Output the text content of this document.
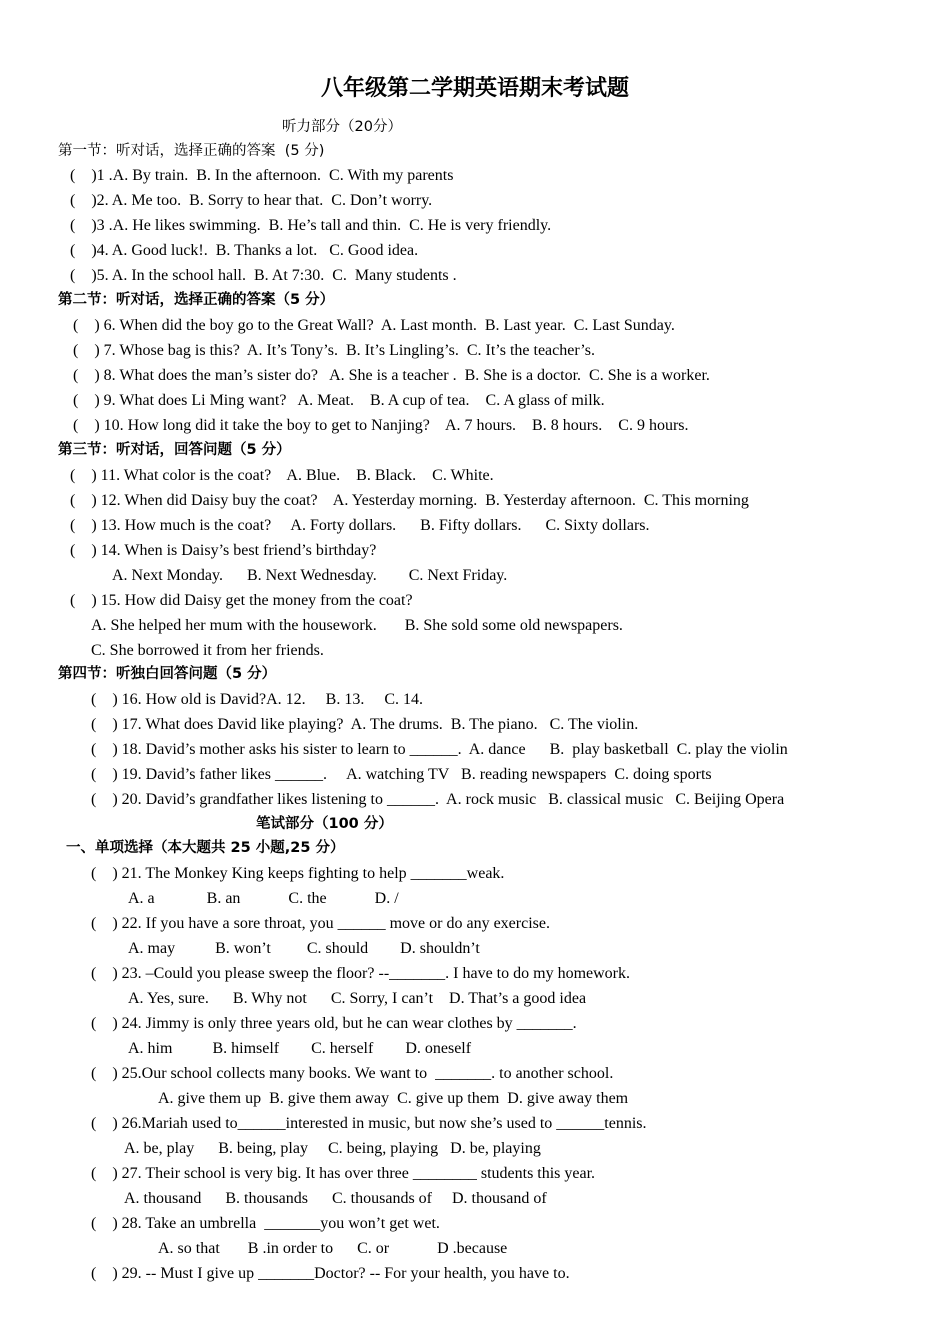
八年级第二学期英语期末考试题
听力部分（20分）
第一节：听对话，选择正确的答案  (5 分)
(    )1 .A. By train.  B. In the afternoon.  C. With my parents
(    )2. A. Me too.  B. Sorry to hear that.  C. Don’t worry.
(    )3 .A. He likes swimming.  B. He’s tall and thin.  C. He is very friendly.
(    )4. A. Good luck!.  B. Thanks a lot.   C. Good idea.
(    )5. A. In the school hall.  B. At 7:30.  C.  Many students .
第二节：听对话，选择正确的答案（5 分）
(    ) 6. When did the boy go to the Great Wall?  A. Last month.  B. Last year.  C. Last Sunday.
(    ) 7. Whose bag is this?  A. It’s Tony’s.  B. It’s Lingling’s.  C. It’s the teacher’s.
(    ) 8. What does the man’s sister do?   A. She is a teacher .  B. She is a doctor.  C. She is a worker.
(    ) 9. What does Li Ming want?   A. Meat.    B. A cup of tea.    C. A glass of milk.
(    ) 10. How long did it take the boy to get to Nanjing?    A. 7 hours.    B. 8 hours.    C. 9 hours.
第三节：听对话，回答问题（5 分）
(    ) 11. What color is the coat?    A. Blue.    B. Black.    C. White.
(    ) 12. When did Daisy buy the coat?    A. Yesterday morning.  B. Yesterday afternoon.  C. This morning
(    ) 13. How much is the coat?     A. Forty dollars.      B. Fifty dollars.      C. Sixty dollars.
(    ) 14. When is Daisy’s best friend’s birthday?
A. Next Monday.      B. Next Wednesday.        C. Next Friday.
(    ) 15. How did Daisy get the money from the coat?
A. She helped her mum with the housework.       B. She sold some old newspapers.
C. She borrowed it from her friends.
第四节：听独白回答问题（5 分）
(    ) 16. How old is David?A. 12.     B. 13.     C. 14.
(    ) 17. What does David like playing?  A. The drums.  B. The piano.   C. The violin.
(    ) 18. David’s mother asks his sister to learn to ______.  A. dance      B.  play basketball  C. play the violin
(    ) 19. David’s father likes ______.     A. watching TV   B. reading newspapers  C. doing sports
(    ) 20. David’s grandfather likes listening to ______.  A. rock music   B. classical music   C. Beijing Opera
笔试部分（100 分）
一、单项选择（本大题共 25 小题,25 分）
(    ) 21. The Monkey King keeps fighting to help _______weak.
A. a             B. an            C. the            D. /
(    ) 22. If you have a sore throat, you ______ move or do any exercise.
A. may          B. won’t         C. should        D. shouldn’t
(    ) 23. –Could you please sweep the floor? --_______. I have to do my homework.
A. Yes, sure.      B. Why not      C. Sorry, I can’t    D. That’s a good idea
(    ) 24. Jimmy is only three years old, but he can wear clothes by _______.
A. him          B. himself        C. herself        D. oneself
(    ) 25.Our school collects many books. We want to  _______. to another school.
A. give them up  B. give them away  C. give up them  D. give away them
(    ) 26.Mariah used to______interested in music, but now she’s used to ______tennis.
A. be, play      B. being, play     C. being, playing   D. be, playing
(    ) 27. Their school is very big. It has over three ________ students this year.
A. thousand      B. thousands      C. thousands of     D. thousand of
(    ) 28. Take an umbrella  _______you won’t get wet.
A. so that       B .in order to      C. or            D .because
(    ) 29. -- Must I give up _______Doctor? -- For your health, you have to.
